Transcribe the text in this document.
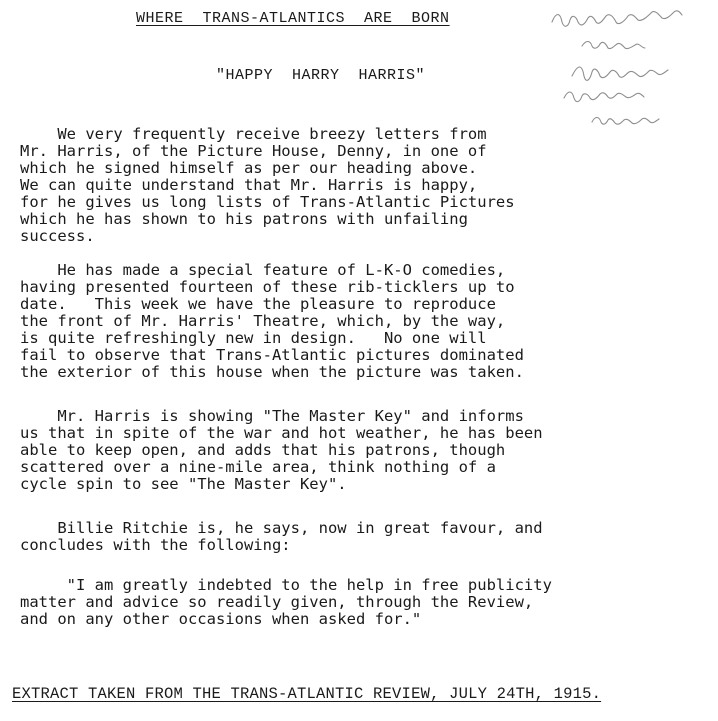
WHERE  TRANS-ATLANTICS  ARE  BORN
"HAPPY  HARRY  HARRIS"
We very frequently receive breezy letters from
Mr. Harris, of the Picture House, Denny, in one of
which he signed himself as per our heading above.
We can quite understand that Mr. Harris is happy,
for he gives us long lists of Trans-Atlantic Pictures
which he has shown to his patrons with unfailing
success.
He has made a special feature of L-K-O comedies,
having presented fourteen of these rib-ticklers up to
date.   This week we have the pleasure to reproduce
the front of Mr. Harris' Theatre, which, by the way,
is quite refreshingly new in design.   No one will
fail to observe that Trans-Atlantic pictures dominated
the exterior of this house when the picture was taken.
Mr. Harris is showing "The Master Key" and informs
us that in spite of the war and hot weather, he has been
able to keep open, and adds that his patrons, though
scattered over a nine-mile area, think nothing of a
cycle spin to see "The Master Key".
Billie Ritchie is, he says, now in great favour, and
concludes with the following:
"I am greatly indebted to the help in free publicity
matter and advice so readily given, through the Review,
and on any other occasions when asked for."
EXTRACT TAKEN FROM THE TRANS-ATLANTIC REVIEW, JULY 24TH, 1915.
